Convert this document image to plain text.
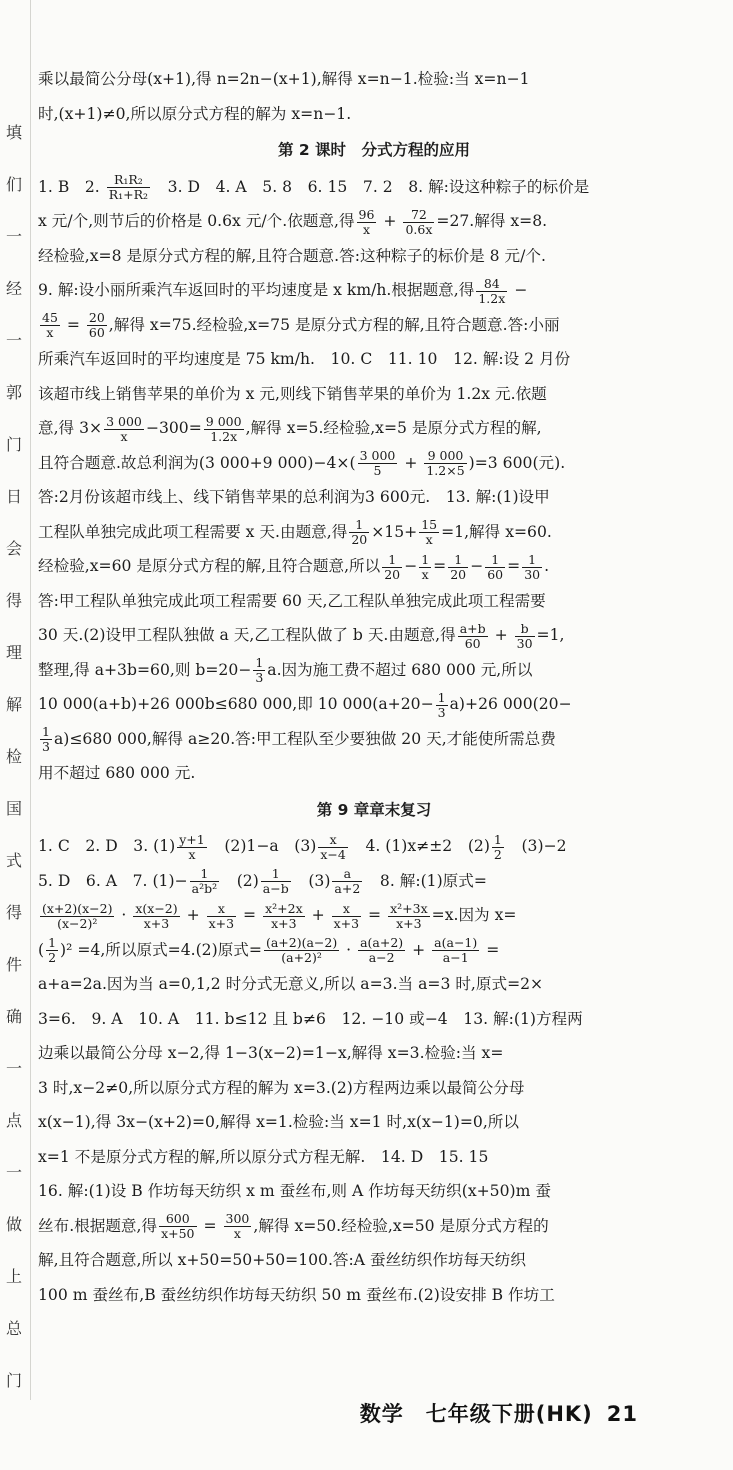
填
们
一
经
一
郭
门
日
会
得
理
解
检
国
式
得
件
确
一
点
一
做
上
总
门

乘以最简公分母(x+1),得 n=2n−(x+1),解得 x=n−1.检验:当 x=n−1

时,(x+1)≠0,所以原分式方程的解为 x=n−1.

第 2 课时　分式方程的应用

1. B　2. $\frac{\text{R₁R₂}}{\text{R₁+R₂}}$ 　3. D　4. A　5. 8　6. 15　7. 2　8. 解:设这种粽子的标价是

x 元/个,则节后的价格是 0.6x 元/个.依题意,得 $\frac{96}{x} + \frac{72}{0.6x} =27$.解得 x=8.

经检验,x=8 是原分式方程的解,且符合题意.答:这种粽子的标价是 8 元/个.

9. 解:设小丽所乘汽车返回时的平均速度是 x km/h.根据题意,得 $\frac{84}{1.2x}$ −

$\frac{45}{x} = \frac{20}{60}$ ,解得 x=75.经检验,x=75 是原分式方程的解,且符合题意.答:小丽

所乘汽车返回时的平均速度是 75 km/h.　10. C　11. 10　12. 解:设 2 月份

该超市线上销售苹果的单价为 x 元,则线下销售苹果的单价为 1.2x 元.依题

意,得 $3\times \frac{3 000}{x} -300= \frac{9 000}{1.2x}$ ,解得 x=5.经检验,x=5 是原分式方程的解,

且符合题意.故总利润为(3 000+9 $000)-4\times( \frac{3 000}{5} + \frac{9 000}{1.2\times 5} )=3$ 600(元).

答:2月份该超市线上、线下销售苹果的总利润为3 600元.　13. 解:(1)设甲

工程队单独完成此项工程需要 x 天.由题意,得 $\frac{1}{20} \times 15+ \frac{15}{x} =1$,解得 x=60.

经检验,x=60 是原分式方程的解,且符合题意,所以 $\frac{1}{20} - \frac{1}{x} = \frac{1}{20} - \frac{1}{60} = \frac{1}{30}$ .

答:甲工程队单独完成此项工程需要 60 天,乙工程队单独完成此项工程需要

30 天.(2)设甲工程队独做 a 天,乙工程队做了 b 天.由题意,得 $\frac{a+b}{60} + \frac{b}{30} =1$,

整理,得 a+3b=60,则 $b=20- \frac{1}{3} a$.因为施工费不超过 680 000 元,所以

10 000(a+b)+26 000b≤680 000,即 10 $000(a+20- \frac{1}{3} a)+26$ 000(20−

$\frac{1}{3} a)\le 680$ 000,解得 a≥20.答:甲工程队至少要独做 20 天,才能使所需总费

用不超过 680 000 元.

第 9 章章末复习

1. C　2. D　3. $(1) \frac{y+1}{x}$ 　(2)1−a　$(3) \frac{x}{x-4}$ 　4. (1)x≠±2　$(2) \frac{1}{2}$ 　(3)−2

5. D　6. A　7. $(1)- \frac{1}{\text{a²b²}}$ 　$(2) \frac{1}{a-b}$ 　$(3) \frac{a}{a+2}$ 　8. 解:(1)原式=

$\frac{(x+2)(x-2)}{\text{(x−2)²}} \cdot \frac{x(x-2)}{x+3} + \frac{x}{x+3} = \frac{\text{x²+2x}}{x+3} + \frac{x}{x+3} = \frac{\text{x²+3x}}{x+3} =x$.因为 x=

( $\frac{1}{2} )^2 =4$,所以原式=4.(2)原式= $\frac{(a+2)(a-2)}{\text{(a+2)²}} \cdot \frac{a(a+2)}{a-2} + \frac{a(a-1)}{a-1}$ =

a+a=2a.因为当 a=0,1,2 时分式无意义,所以 a=3.当 a=3 时,原式=2×

3=6.　9. A　10. A　11. b≤12 且 b≠6　12. −10 或−4　13. 解:(1)方程两

边乘以最简公分母 x−2,得 1−3(x−2)=1−x,解得 x=3.检验:当 x=

3 时,x−2≠0,所以原分式方程的解为 x=3.(2)方程两边乘以最简公分母

x(x−1),得 3x−(x+2)=0,解得 x=1.检验:当 x=1 时,x(x−1)=0,所以

x=1 不是原分式方程的解,所以原分式方程无解.　14. D　15. 15

16. 解:(1)设 B 作坊每天纺织 x m 蚕丝布,则 A 作坊每天纺织(x+50)m 蚕

丝布.根据题意,得 $\frac{600}{x+50} = \frac{300}{x}$ ,解得 x=50.经检验,x=50 是原分式方程的

解,且符合题意,所以 x+50=50+50=100.答:A 蚕丝纺织作坊每天纺织

100 m 蚕丝布,B 蚕丝纺织作坊每天纺织 50 m 蚕丝布.(2)设安排 B 作坊工

数学　七年级下册(HK) 21
